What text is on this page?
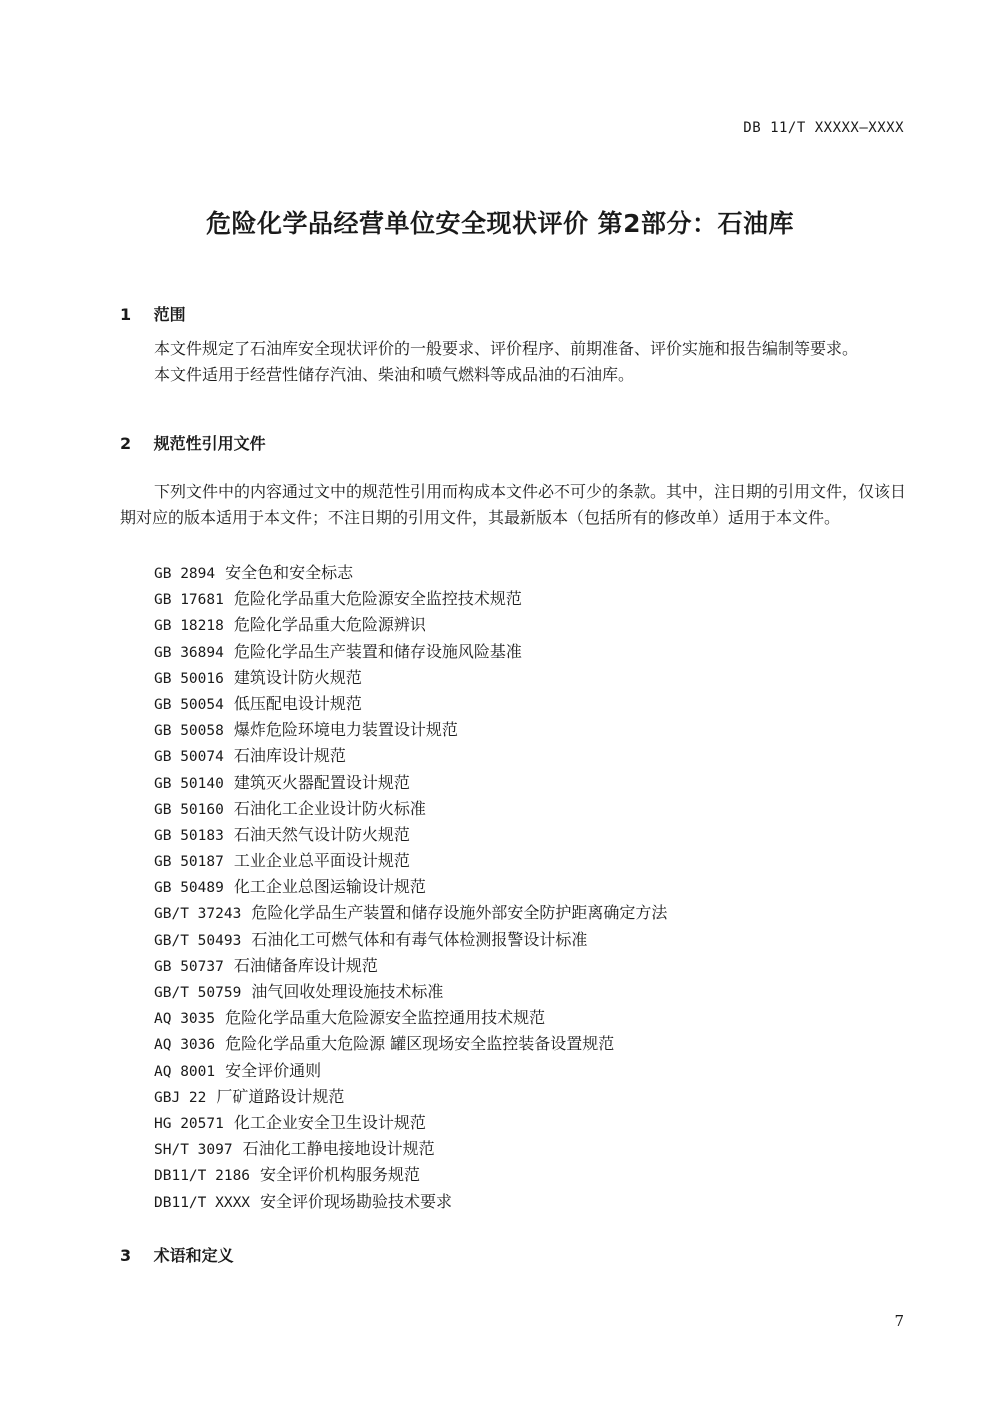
DB 11/T XXXXX—XXXX
危险化学品经营单位安全现状评价 第2部分：石油库
1 范围

本文件规定了石油库安全现状评价的一般要求、评价程序、前期准备、评价实施和报告编制等要求。

本文件适用于经营性储存汽油、柴油和喷气燃料等成品油的石油库。

2 规范性引用文件

下列文件中的内容通过文中的规范性引用而构成本文件必不可少的条款。其中，注日期的引用文件，仅该日期对应的版本适用于本文件；不注日期的引用文件，其最新版本（包括所有的修改单）适用于本文件。

GB 2894 安全色和安全标志
GB 17681 危险化学品重大危险源安全监控技术规范
GB 18218 危险化学品重大危险源辨识
GB 36894 危险化学品生产装置和储存设施风险基准
GB 50016 建筑设计防火规范
GB 50054 低压配电设计规范
GB 50058 爆炸危险环境电力装置设计规范
GB 50074 石油库设计规范
GB 50140 建筑灭火器配置设计规范
GB 50160 石油化工企业设计防火标准
GB 50183 石油天然气设计防火规范
GB 50187 工业企业总平面设计规范
GB 50489 化工企业总图运输设计规范
GB/T 37243 危险化学品生产装置和储存设施外部安全防护距离确定方法
GB/T 50493 石油化工可燃气体和有毒气体检测报警设计标准
GB 50737 石油储备库设计规范
GB/T 50759 油气回收处理设施技术标准
AQ 3035 危险化学品重大危险源安全监控通用技术规范
AQ 3036 危险化学品重大危险源 罐区现场安全监控装备设置规范
AQ 8001 安全评价通则
GBJ 22 厂矿道路设计规范
HG 20571 化工企业安全卫生设计规范
SH/T 3097 石油化工静电接地设计规范
DB11/T 2186 安全评价机构服务规范
DB11/T XXXX 安全评价现场勘验技术要求
3 术语和定义
7
